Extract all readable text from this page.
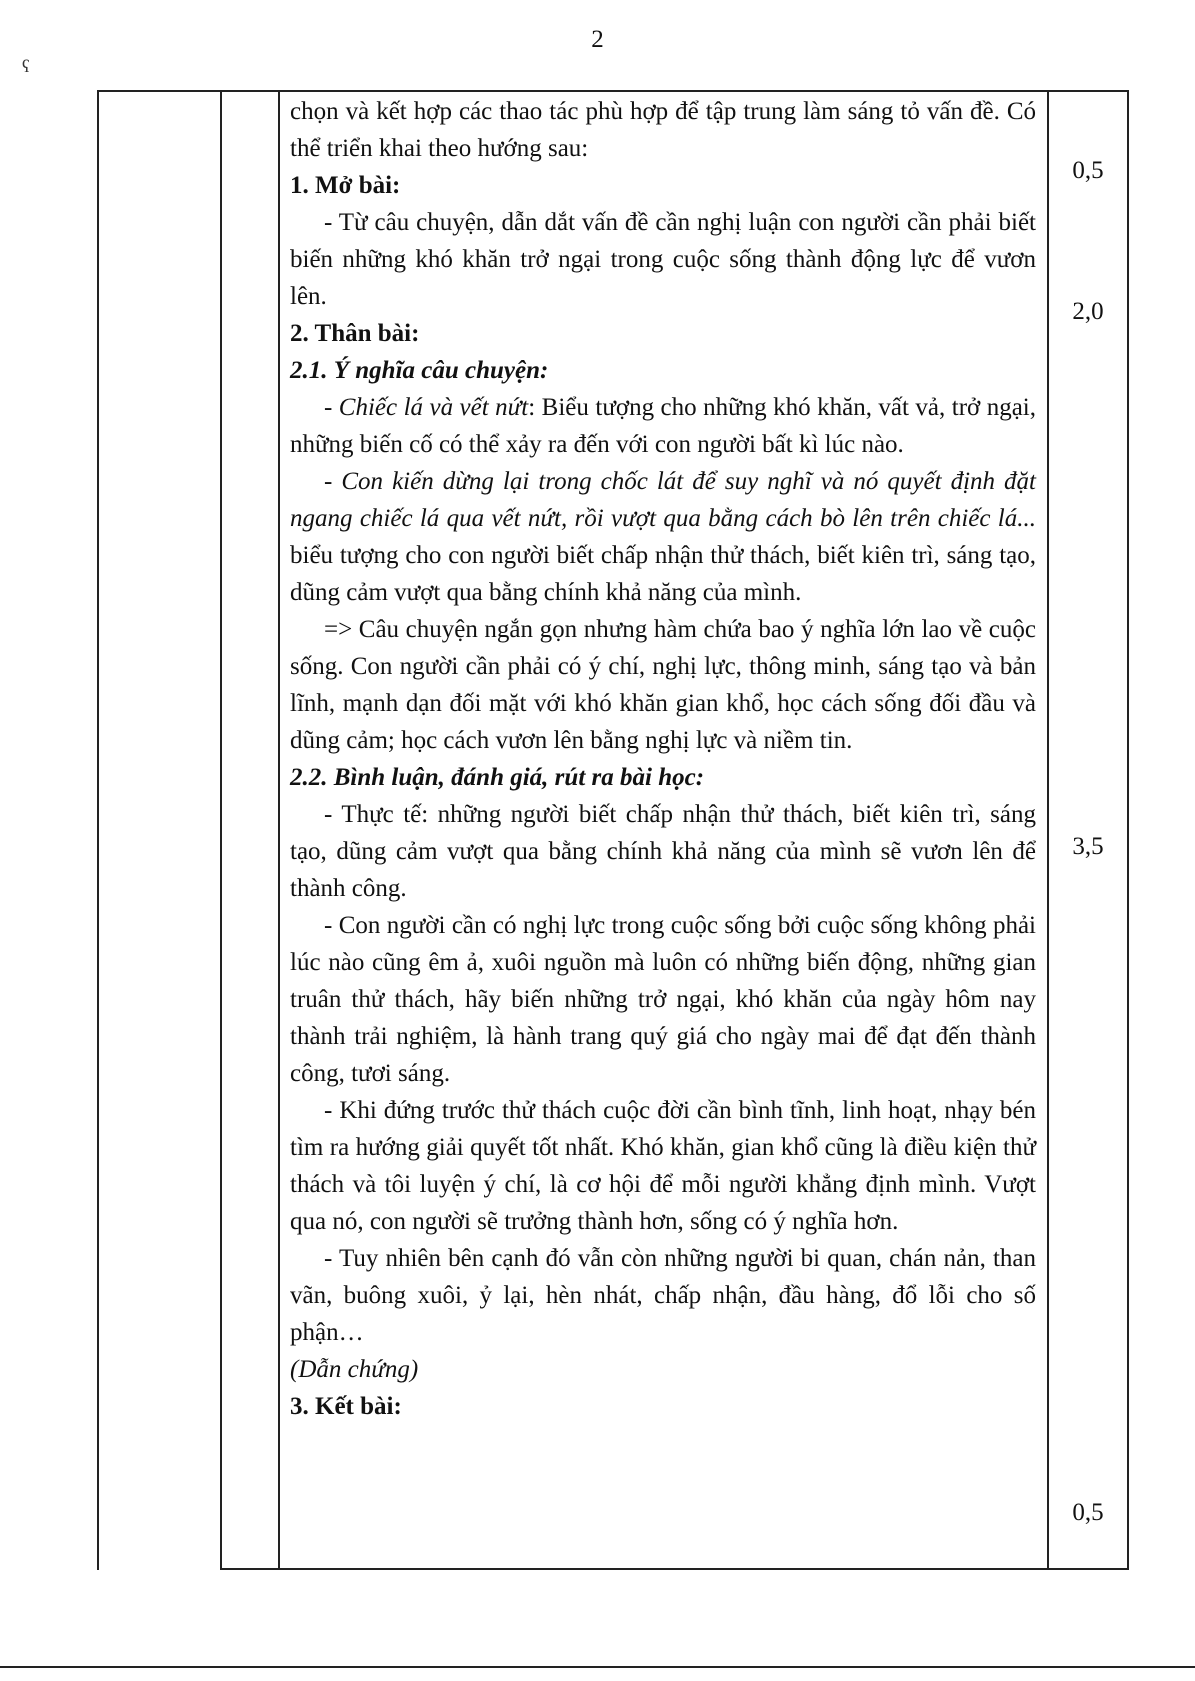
2
ҁ

chọn và kết hợp các thao tác phù hợp để tập trung làm sáng tỏ vấn đề. Có thể triển khai theo hướng sau:

1. Mở bài:

- Từ câu chuyện, dẫn dắt vấn đề cần nghị luận con người cần phải biết biến những khó khăn trở ngại trong cuộc sống thành động lực để vươn lên.

2. Thân bài:

2.1. Ý nghĩa câu chuyện:

- Chiếc lá và vết nứt: Biểu tượng cho những khó khăn, vất vả, trở ngại, những biến cố có thể xảy ra đến với con người bất kì lúc nào.

- Con kiến dừng lại trong chốc lát để suy nghĩ và nó quyết định đặt ngang chiếc lá qua vết nứt, rồi vượt qua bằng cách bò lên trên chiếc lá... biểu tượng cho con người biết chấp nhận thử thách, biết kiên trì, sáng tạo, dũng cảm vượt qua bằng chính khả năng của mình.

=> Câu chuyện ngắn gọn nhưng hàm chứa bao ý nghĩa lớn lao về cuộc sống. Con người cần phải có ý chí, nghị lực, thông minh, sáng tạo và bản lĩnh, mạnh dạn đối mặt với khó khăn gian khổ, học cách sống đối đầu và dũng cảm; học cách vươn lên bằng nghị lực và niềm tin.

2.2. Bình luận, đánh giá, rút ra bài học:

- Thực tế: những người biết chấp nhận thử thách, biết kiên trì, sáng tạo, dũng cảm vượt qua bằng chính khả năng của mình sẽ vươn lên để thành công.

- Con người cần có nghị lực trong cuộc sống bởi cuộc sống không phải lúc nào cũng êm ả, xuôi nguồn mà luôn có những biến động, những gian truân thử thách, hãy biến những trở ngại, khó khăn của ngày hôm nay thành trải nghiệm, là hành trang quý giá cho ngày mai để đạt đến thành công, tươi sáng.

- Khi đứng trước thử thách cuộc đời cần bình tĩnh, linh hoạt, nhạy bén tìm ra hướng giải quyết tốt nhất. Khó khăn, gian khổ cũng là điều kiện thử thách và tôi luyện ý chí, là cơ hội để mỗi người khẳng định mình. Vượt qua nó, con người sẽ trưởng thành hơn, sống có ý nghĩa hơn.

- Tuy nhiên bên cạnh đó vẫn còn những người bi quan, chán nản, than vãn, buông xuôi, ỷ lại, hèn nhát, chấp nhận, đầu hàng, đổ lỗi cho số phận…

(Dẫn chứng)

3. Kết bài:

0,5
2,0
3,5
0,5
